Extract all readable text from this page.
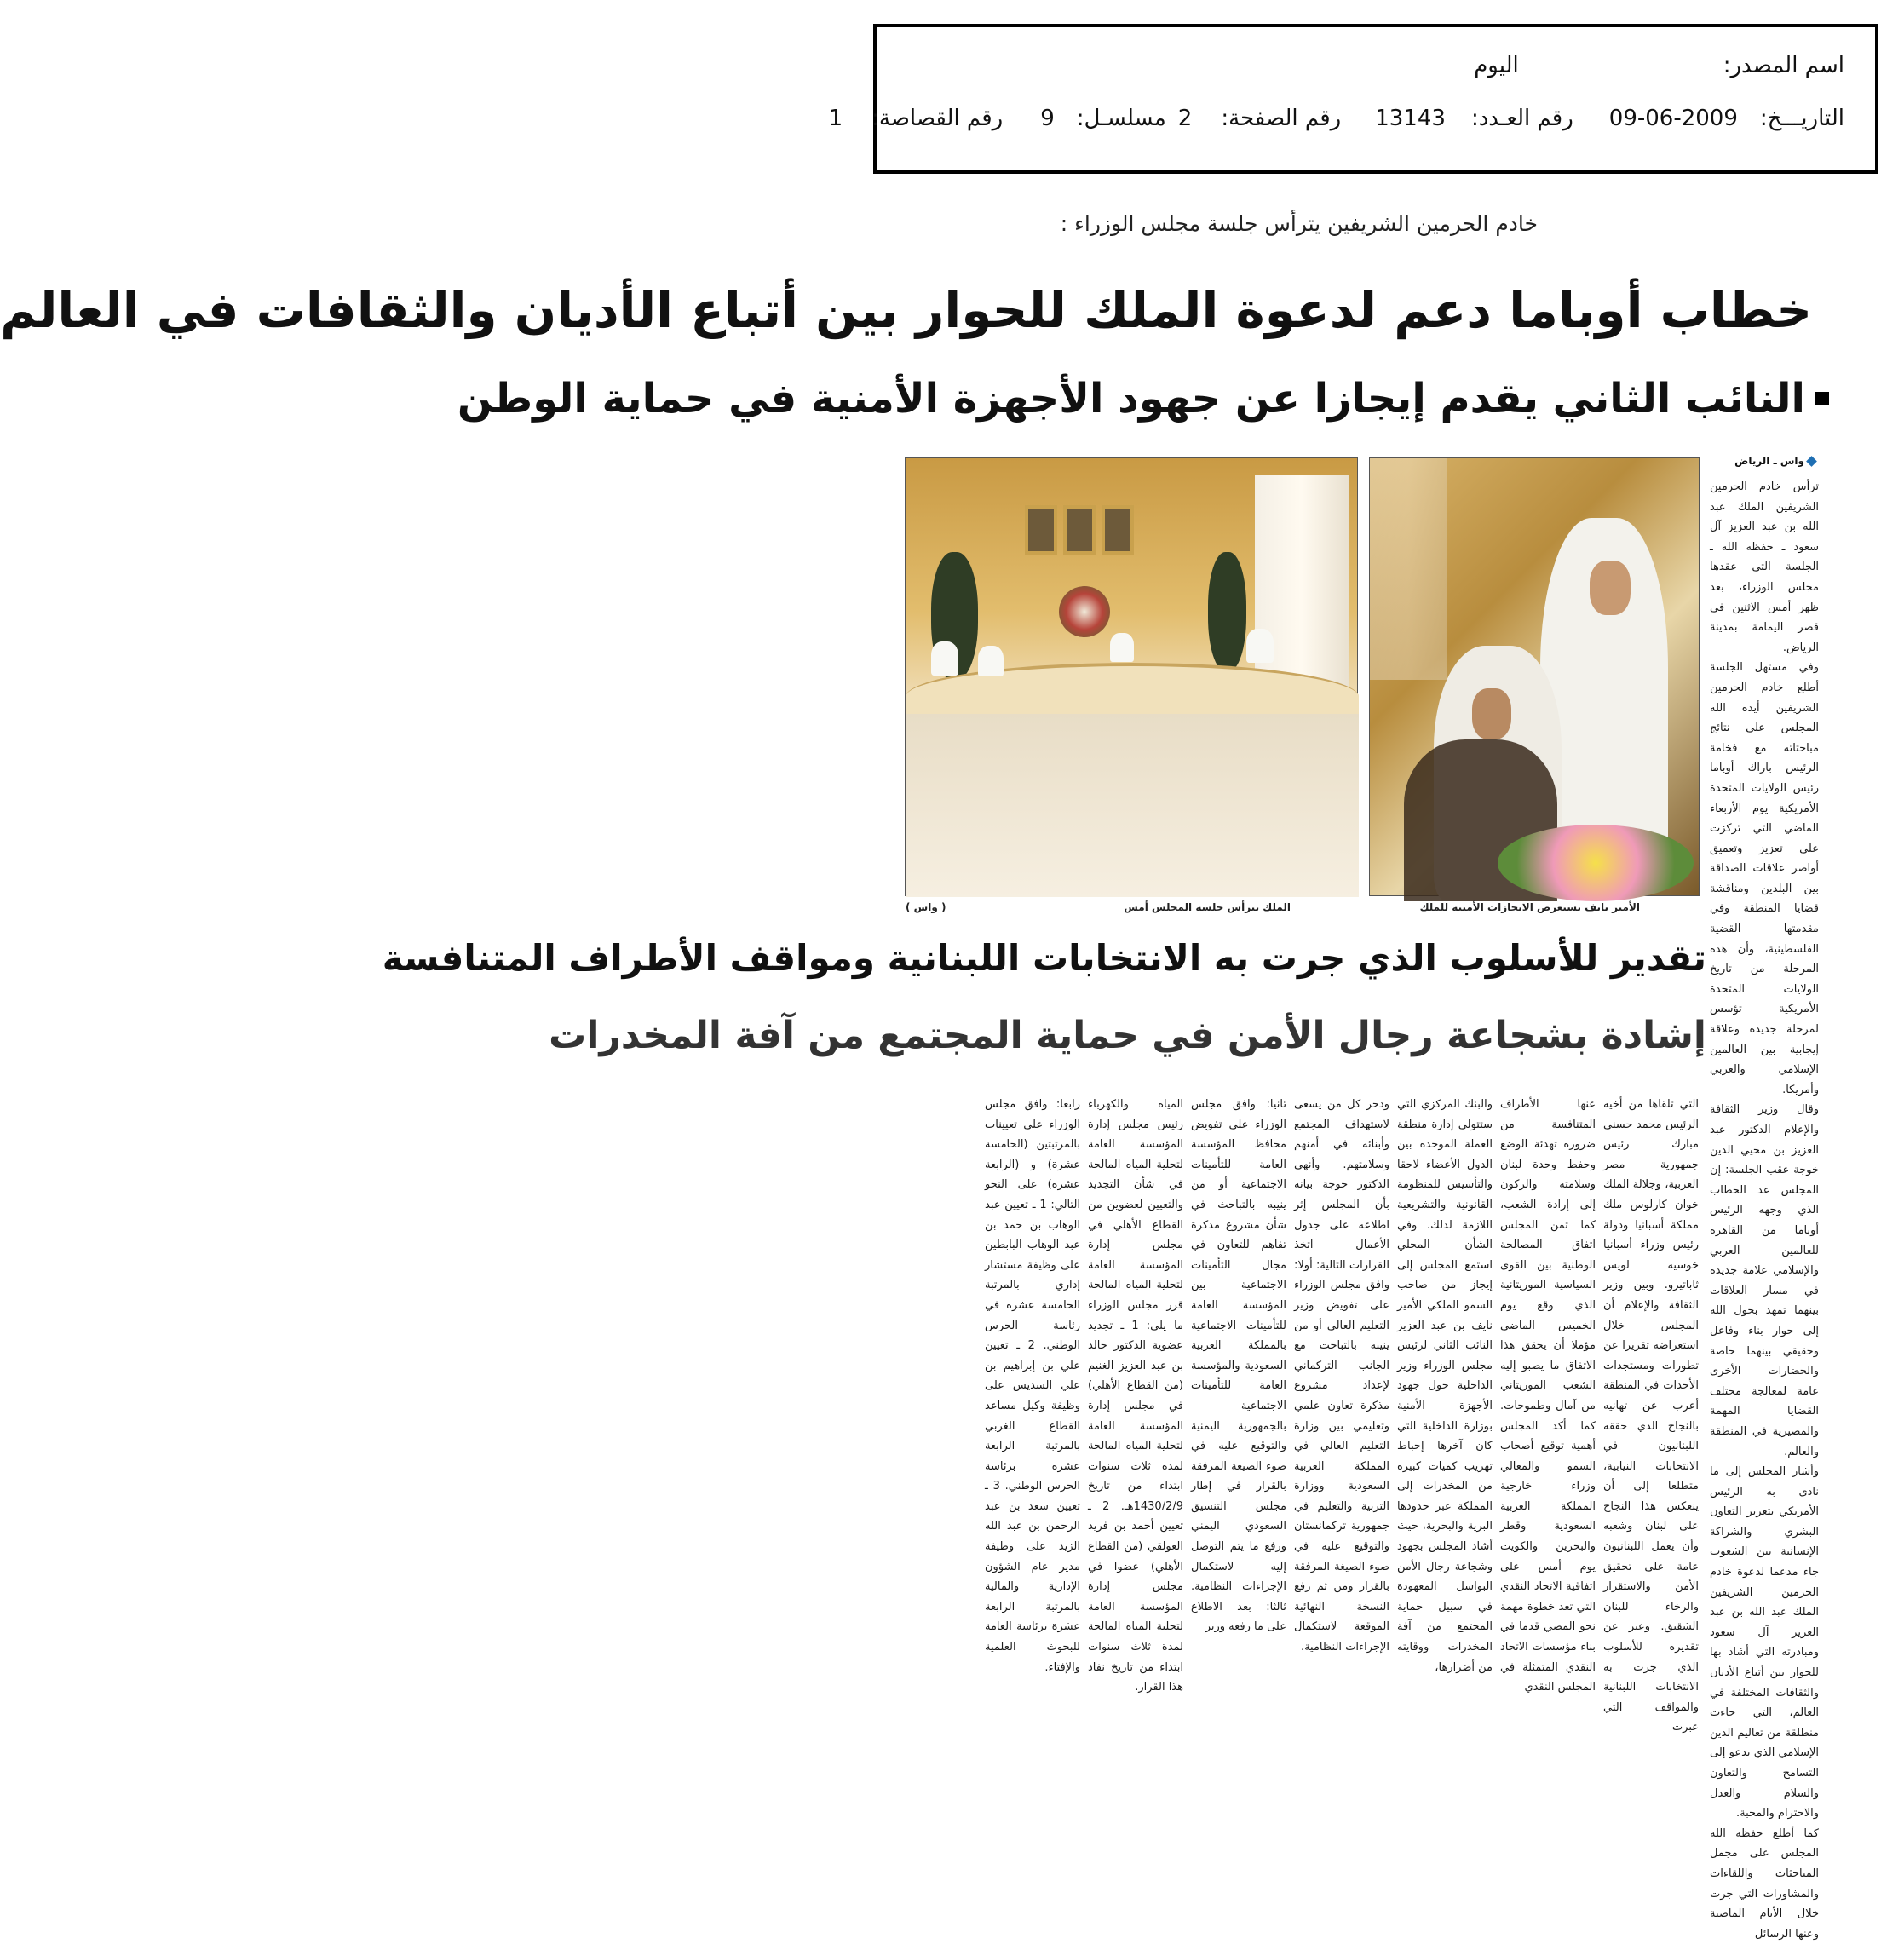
اسم المصدر:
اليوم
التاريـــخ:
09-06-2009
رقم العـدد:
13143
رقم الصفحة:
2
مسلسـل:
9
رقم القصاصة:
1
خادم الحرمين الشريفين يترأس جلسة مجلس الوزراء :
خطاب أوباما دعم لدعوة الملك للحوار بين أتباع الأديان والثقافات في العالم
النائب الثاني يقدم إيجازا عن جهود الأجهزة الأمنية في حماية الوطن
الأمير نايف يستعرض الانجازات الأمنية للملك
الملك يترأس جلسة المجلس أمس
( واس )
تقدير للأسلوب الذي جرت به الانتخابات اللبنانية ومواقف الأطراف المتنافسة
إشادة بشجاعة رجال الأمن في حماية المجتمع من آفة المخدرات
واس ـ الرياض

ترأس خادم الحرمين الشريفين الملك عبد الله بن عبد العزيز آل سعود ـ حفظه الله ـ الجلسة التي عقدها مجلس الوزراء، بعد ظهر أمس الاثنين في قصر اليمامة بمدينة الرياض.

وفي مستهل الجلسة أطلع خادم الحرمين الشريفين أيده الله المجلس على نتائج مباحثاته مع فخامة الرئيس باراك أوباما رئيس الولايات المتحدة الأمريكية يوم الأربعاء الماضي التي تركزت على تعزيز وتعميق أواصر علاقات الصداقة بين البلدين ومناقشة قضايا المنطقة وفي مقدمتها القضية الفلسطينية، وأن هذه المرحلة من تاريخ الولايات المتحدة الأمريكية تؤسس لمرحلة جديدة وعلاقة إيجابية بين العالمين الإسلامي والعربي وأمريكا.

وقال وزير الثقافة والإعلام الدكتور عبد العزيز بن محيي الدين خوجة عقب الجلسة: إن المجلس عد الخطاب الذي وجهه الرئيس أوباما من القاهرة للعالمين العربي والإسلامي علامة جديدة في مسار العلاقات بينهما تمهد بحول الله إلى حوار بناء وفاعل وحقيقي بينهما خاصة والحضارات الأخرى عامة لمعالجة مختلف القضايا المهمة والمصيرية في المنطقة والعالم.

وأشار المجلس إلى ما نادى به الرئيس الأمريكي بتعزيز التعاون البشري والشراكة الإنسانية بين الشعوب جاء مدعما لدعوة خادم الحرمين الشريفين الملك عبد الله بن عبد العزيز آل سعود ومبادرته التي أشاد بها للحوار بين أتباع الأديان والثقافات المختلفة في العالم، التي جاءت منطلقة من تعاليم الدين الإسلامي الذي يدعو إلى التسامح والتعاون والسلام والعدل والاحترام والمحبة.

كما أطلع حفظه الله المجلس على مجمل المباحثات واللقاءات والمشاورات التي جرت خلال الأيام الماضية وعنها الرسائل

التي تلقاها من أخيه الرئيس محمد حسني مبارك رئيس جمهورية مصر العربية، وجلالة الملك خوان كارلوس ملك مملكة أسبانيا ودولة رئيس وزراء أسبانيا خوسيه لويس ثاباتيرو. وبين وزير الثقافة والإعلام أن المجلس خلال استعراضه تقريرا عن تطورات ومستجدات الأحداث في المنطقة أعرب عن تهانيه بالنجاح الذي حققه اللبنانيون في الانتخابات النيابية، متطلعا إلى أن ينعكس هذا النجاح على لبنان وشعبه وأن يعمل اللبنانيون عامة على تحقيق الأمن والاستقرار والرخاء للبنان الشقيق. وعبر عن تقديره للأسلوب الذي جرت به الانتخابات اللبنانية والمواقف التي عبرت

عنها الأطراف المتنافسة من ضرورة تهدئة الوضع وحفظ وحدة لبنان وسلامته والركون إلى إرادة الشعب، كما ثمن المجلس اتفاق المصالحة الوطنية بين القوى السياسية الموريتانية الذي وقع يوم الخميس الماضي مؤملا أن يحقق هذا الاتفاق ما يصبو إليه الشعب الموريتاني من آمال وطموحات. كما أكد المجلس أهمية توقيع أصحاب السمو والمعالي وزراء خارجية المملكة العربية السعودية وقطر والبحرين والكويت يوم أمس على اتفاقية الاتحاد النقدي التي تعد خطوة مهمة نحو المضي قدما في بناء مؤسسات الاتحاد النقدي المتمثلة في المجلس النقدي

والبنك المركزي التي ستتولى إدارة منطقة العملة الموحدة بين الدول الأعضاء لاحقا والتأسيس للمنظومة القانونية والتشريعية اللازمة لذلك. وفي الشأن المحلي استمع المجلس إلى إيجاز من صاحب السمو الملكي الأمير نايف بن عبد العزيز النائب الثاني لرئيس مجلس الوزراء وزير الداخلية حول جهود الأجهزة الأمنية بوزارة الداخلية التي كان آخرها إحباط تهريب كميات كبيرة من المخدرات إلى المملكة عبر حدودها البرية والبحرية، حيث أشاد المجلس بجهود وشجاعة رجال الأمن البواسل المعهودة في سبيل حماية المجتمع من آفة المخدرات ووقايته من أضرارها،

ودحر كل من يسعى لاستهداف المجتمع وأبنائه في أمنهم وسلامتهم. وأنهى الدكتور خوجة بيانه بأن المجلس إثر اطلاعه على جدول الأعمال اتخذ القرارات التالية: أولا: وافق مجلس الوزراء على تفويض وزير التعليم العالي أو من ينيبه بالتباحث مع الجانب التركماني لإعداد مشروع مذكرة تعاون علمي وتعليمي بين وزارة التعليم العالي في المملكة العربية السعودية ووزارة التربية والتعليم في جمهورية تركمانستان والتوقيع عليه في ضوء الصيغة المرفقة بالقرار ومن ثم رفع النسخة النهائية الموقعة لاستكمال الإجراءات النظامية.

ثانيا: وافق مجلس الوزراء على تفويض محافظ المؤسسة العامة للتأمينات الاجتماعية أو من ينيبه بالتباحث في شأن مشروع مذكرة تفاهم للتعاون في مجال التأمينات الاجتماعية بين المؤسسة العامة للتأمينات الاجتماعية بالمملكة العربية السعودية والمؤسسة العامة للتأمينات الاجتماعية بالجمهورية اليمنية والتوقيع عليه في ضوء الصيغة المرفقة بالقرار في إطار مجلس التنسيق السعودي اليمني ورفع ما يتم التوصل إليه لاستكمال الإجراءات النظامية. ثالثا: بعد الاطلاع على ما رفعه وزير

المياه والكهرباء رئيس مجلس إدارة المؤسسة العامة لتحلية المياه المالحة في شأن التجديد والتعيين لعضوين من القطاع الأهلي في مجلس إدارة المؤسسة العامة لتحلية المياه المالحة قرر مجلس الوزراء ما يلي: 1 ـ تجديد عضوية الدكتور خالد بن عبد العزيز الغنيم (من القطاع الأهلي) في مجلس إدارة المؤسسة العامة لتحلية المياه المالحة لمدة ثلاث سنوات ابتداء من تاريخ 1430/2/9هـ. 2 ـ تعيين أحمد بن فريد العولقي (من القطاع الأهلي) عضوا في مجلس إدارة المؤسسة العامة لتحلية المياه المالحة لمدة ثلاث سنوات ابتداء من تاريخ نفاذ هذا القرار.

رابعا: وافق مجلس الوزراء على تعيينات بالمرتبتين (الخامسة عشرة) و (الرابعة عشرة) على النحو التالي: 1 ـ تعيين عبد الوهاب بن حمد بن عبد الوهاب البابطين على وظيفة مستشار إداري بالمرتبة الخامسة عشرة في رئاسة الحرس الوطني. 2 ـ تعيين علي بن إبراهيم بن علي السديس على وظيفة وكيل مساعد القطاع الغربي بالمرتبة الرابعة عشرة برئاسة الحرس الوطني. 3 ـ تعيين سعد بن عبد الرحمن بن عبد الله الزيد على وظيفة مدير عام الشؤون الإدارية والمالية بالمرتبة الرابعة عشرة برئاسة العامة للبحوث العلمية والإفتاء.
